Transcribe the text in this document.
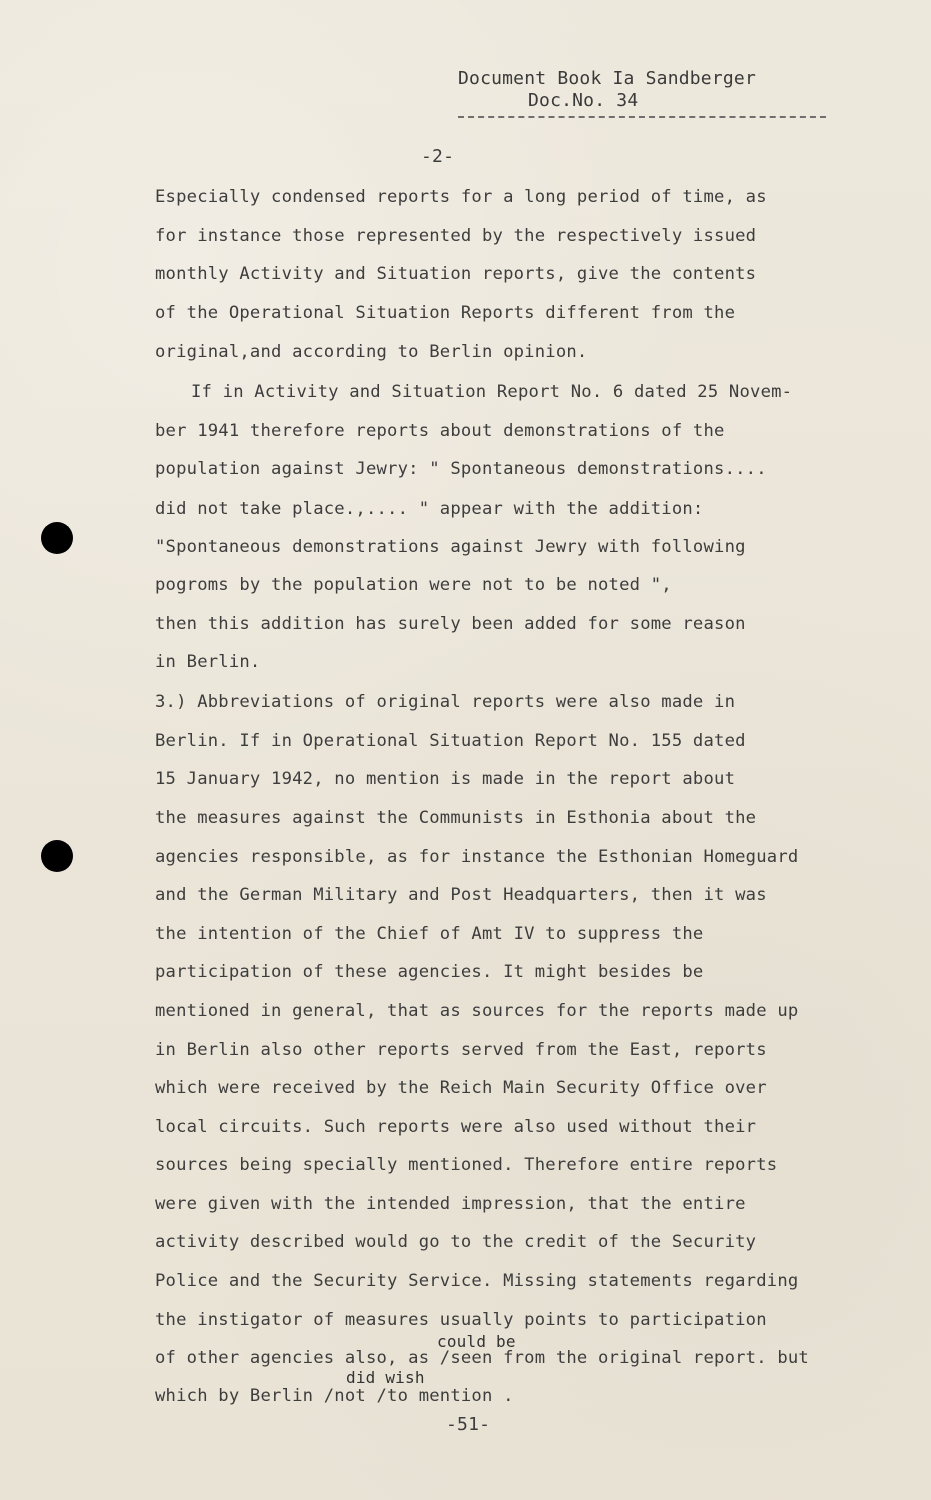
Document Book Ia Sandberger
Doc.No. 34
-2-
Especially condensed reports for a long period of time, as
for instance those represented by the respectively issued
monthly Activity and Situation reports, give the contents
of the Operational Situation Reports different from the
original,and according to Berlin opinion.
If in Activity and Situation Report No. 6 dated 25 Novem-
ber 1941 therefore reports about demonstrations of the
population against Jewry: " Spontaneous demonstrations....
did not take place.,.... " appear with the addition:
"Spontaneous demonstrations against Jewry with following
pogroms by the population were not to be noted ",
then this addition has surely been added for some reason
in Berlin.
3.) Abbreviations of original reports were also made in
Berlin. If in Operational Situation Report No. 155 dated
15 January 1942, no mention is made in the report about
the measures against the Communists in Esthonia about the
agencies responsible, as for instance the Esthonian Homeguard
and the German Military and Post Headquarters, then it was
the intention of the Chief of Amt IV to suppress the
participation of these agencies. It might besides be
mentioned in general, that as sources for the reports made up
in Berlin also other reports served from the East, reports
which were received by the Reich Main Security Office over
local circuits. Such reports were also used without their
sources being specially mentioned. Therefore entire reports
were given with the intended impression, that the entire
activity described would go to the credit of the Security
Police and the Security Service. Missing statements regarding
the instigator of measures usually points to participation
could be
of other agencies also, as /seen from the original report. but
did wish
which by Berlin /not /to mention .
-51-
